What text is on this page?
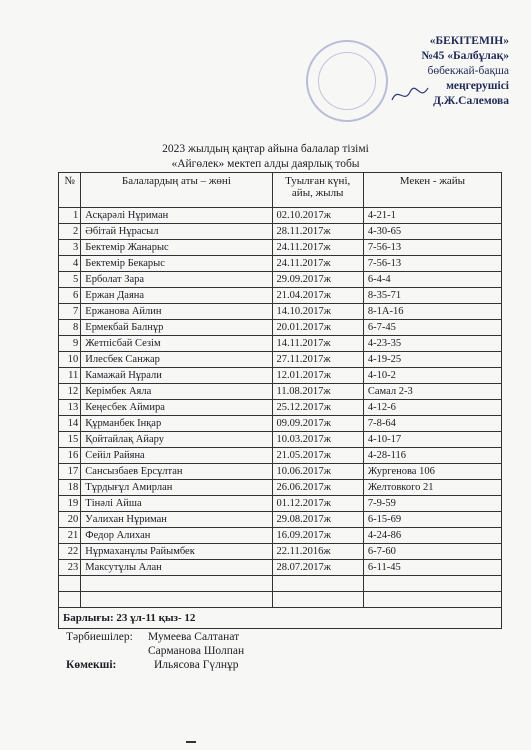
«БЕКІТЕМІН»
№45 «Балбұлақ»
бөбекжай-бақша
меңгерушісі
Д.Ж.Салемова
2023 жылдың қаңтар айына балалар тізімі
«Айгөлек» мектеп алды даярлық тобы
№	Балалардың аты – жөні	Туылған күні,
айы, жылы	Мекен - жайы
1	Асқарәлі Нұриман	02.10.2017ж	4-21-1
2	Әбітай Нұрасыл	28.11.2017ж	4-30-65
3	Бектемір Жанарыс	24.11.2017ж	7-56-13
4	Бектемір Бекарыс	24.11.2017ж	7-56-13
5	Ерболат Зара	29.09.2017ж	6-4-4
6	Ержан Даяна	21.04.2017ж	8-35-71
7	Ержанова Айлин	14.10.2017ж	8-1А-16
8	Ермекбай Балнұр	20.01.2017ж	6-7-45
9	Жетпісбай Сезім	14.11.2017ж	4-23-35
10	Илесбек Санжар	27.11.2017ж	4-19-25
11	Камажай Нұрали	12.01.2017ж	4-10-2
12	Керімбек Аяла	11.08.2017ж	Самал 2-3
13	Кеңесбек Аймира	25.12.2017ж	4-12-6
14	Құрманбек Інқар	09.09.2017ж	7-8-64
15	Қойтайлақ Айару	10.03.2017ж	4-10-17
16	Сейіл Райяна	21.05.2017ж	4-28-116
17	Сансызбаев Ерсұлтан	10.06.2017ж	Жургенова 106
18	Тұрдығұл Амирлан	26.06.2017ж	Желтовкого 21
19	Тінәлі Айша	01.12.2017ж	7-9-59
20	Уалихан Нұриман	29.08.2017ж	6-15-69
21	Федор Алихан	16.09.2017ж	4-24-86
22	Нұрмаханұлы Райымбек	22.11.2016ж	6-7-60
23	Максутұлы Алан	28.07.2017ж	6-11-45

Барлығы: 23 ұл-11 қыз- 12			
Тәрбиешілер:	Мумеева Салтанат
Сарманова Шолпан
Көмекші:	Ильясова Гүлнұр
